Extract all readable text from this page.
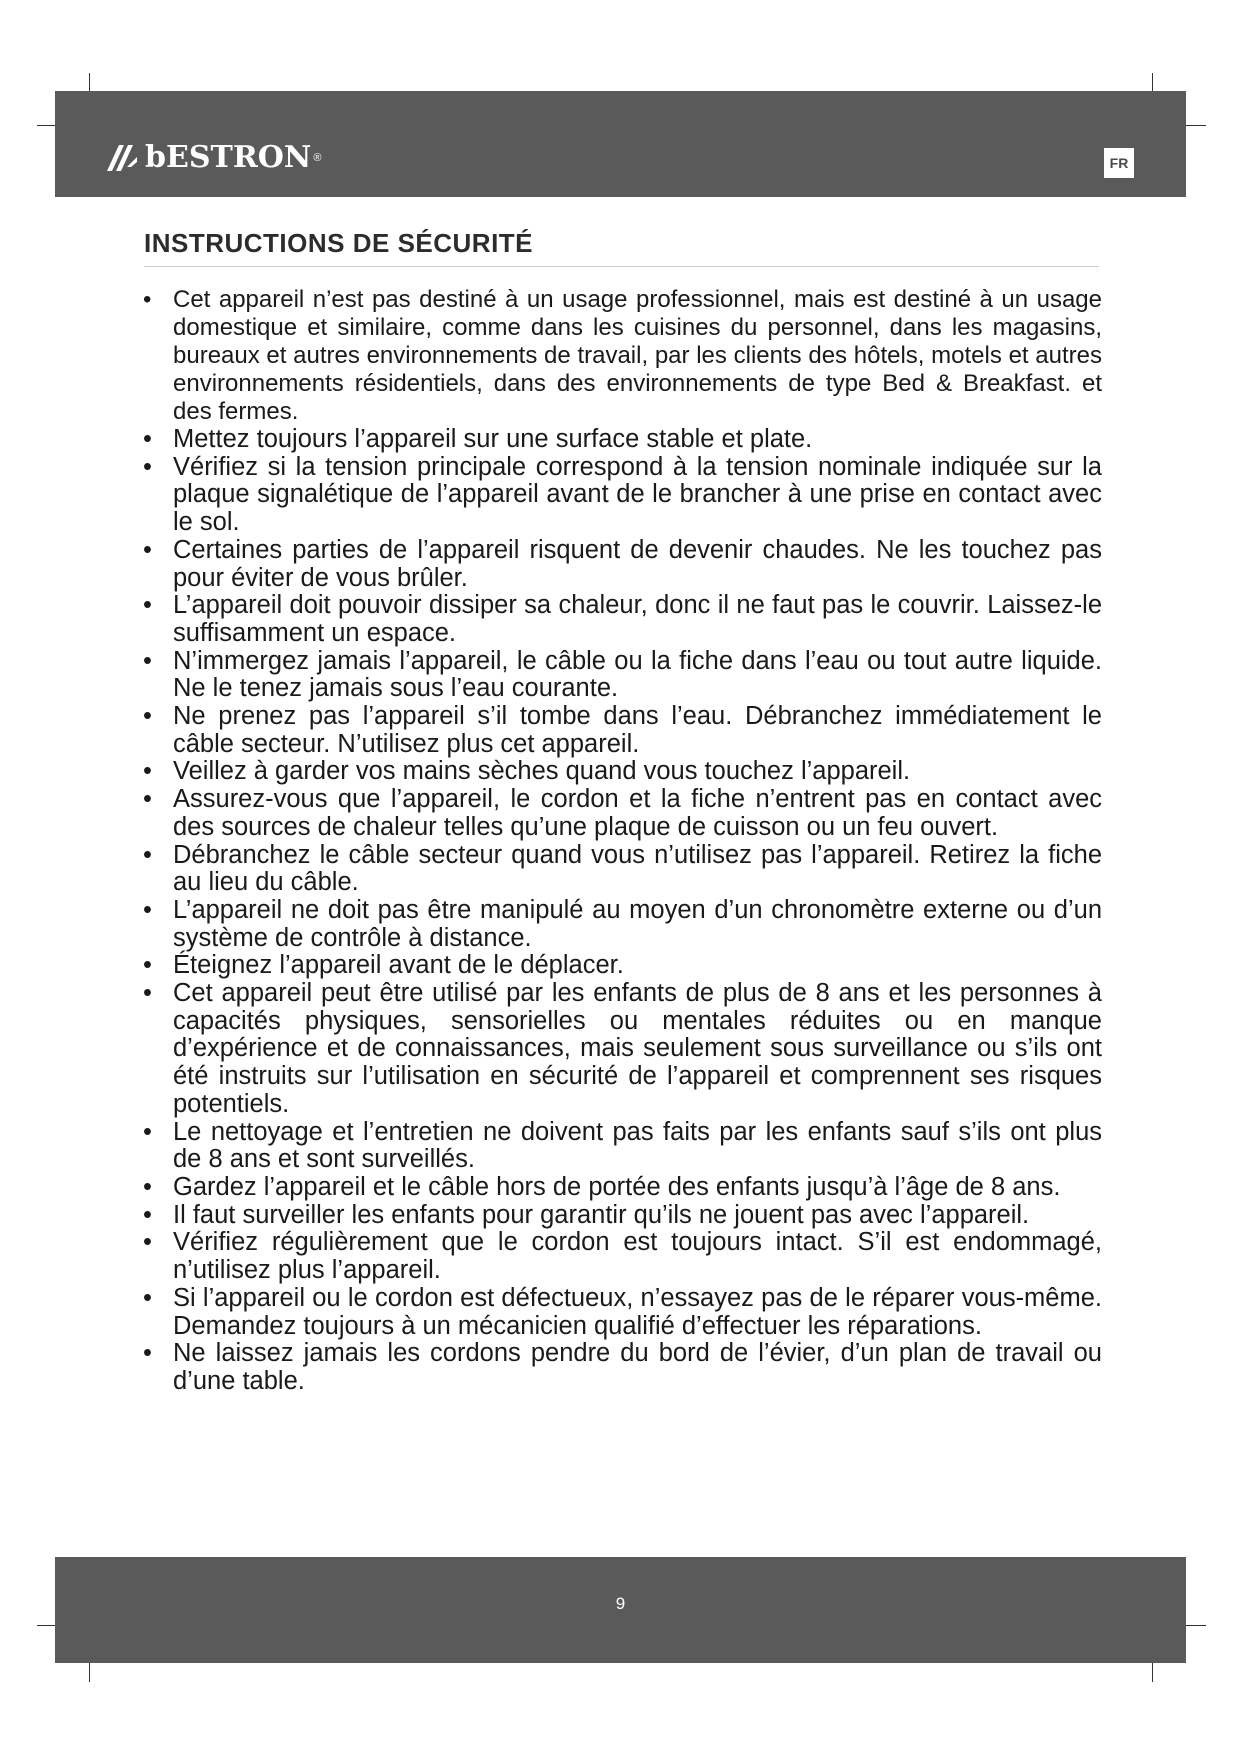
bESTRON ®	FR
INSTRUCTIONS DE SÉCURITÉ
• Cet appareil n’est pas destiné à un usage professionnel, mais est destiné à un usage domestique et similaire, comme dans les cuisines du personnel, dans les magasins, bureaux et autres environnements de travail, par les clients des hôtels, motels et autres environnements résidentiels, dans des environnements de type Bed & Breakfast. et des fermes.
• Mettez toujours l’appareil sur une surface stable et plate.
• Vérifiez si la tension principale correspond à la tension nominale indiquée sur la plaque signalétique de l’appareil avant de le brancher à une prise en contact avec le sol.
• Certaines parties de l’appareil risquent de devenir chaudes. Ne les touchez pas pour éviter de vous brûler.
• L’appareil doit pouvoir dissiper sa chaleur, donc il ne faut pas le couvrir. Laissez-le suffisamment un espace.
• N’immergez jamais l’appareil, le câble ou la fiche dans l’eau ou tout autre liquide. Ne le tenez jamais sous l’eau courante.
• Ne prenez pas l’appareil s’il tombe dans l’eau. Débranchez immédiatement le câble secteur. N’utilisez plus cet appareil.
• Veillez à garder vos mains sèches quand vous touchez l’appareil.
• Assurez-vous que l’appareil, le cordon et la fiche n’entrent pas en contact avec des sources de chaleur telles qu’une plaque de cuisson ou un feu ouvert.
• Débranchez le câble secteur quand vous n’utilisez pas l’appareil. Retirez la fiche au lieu du câble.
• L’appareil ne doit pas être manipulé au moyen d’un chronomètre externe ou d’un système de contrôle à distance.
• Éteignez l’appareil avant de le déplacer.
• Cet appareil peut être utilisé par les enfants de plus de 8 ans et les personnes à capacités physiques, sensorielles ou mentales réduites ou en manque d’expérience et de connaissances, mais seulement sous surveillance ou s’ils ont été instruits sur l’utilisation en sécurité de l’appareil et comprennent ses risques potentiels.
• Le nettoyage et l’entretien ne doivent pas faits par les enfants sauf s’ils ont plus de 8 ans et sont surveillés.
• Gardez l’appareil et le câble hors de portée des enfants jusqu’à l’âge de 8 ans.
• Il faut surveiller les enfants pour garantir qu’ils ne jouent pas avec l’appareil.
• Vérifiez régulièrement que le cordon est toujours intact. S’il est endommagé, n’utilisez plus l’appareil.
• Si l’appareil ou le cordon est défectueux, n’essayez pas de le réparer vous-même. Demandez toujours à un mécanicien qualifié d’effectuer les réparations.
• Ne laissez jamais les cordons pendre du bord de l’évier, d’un plan de travail ou d’une table.
9
